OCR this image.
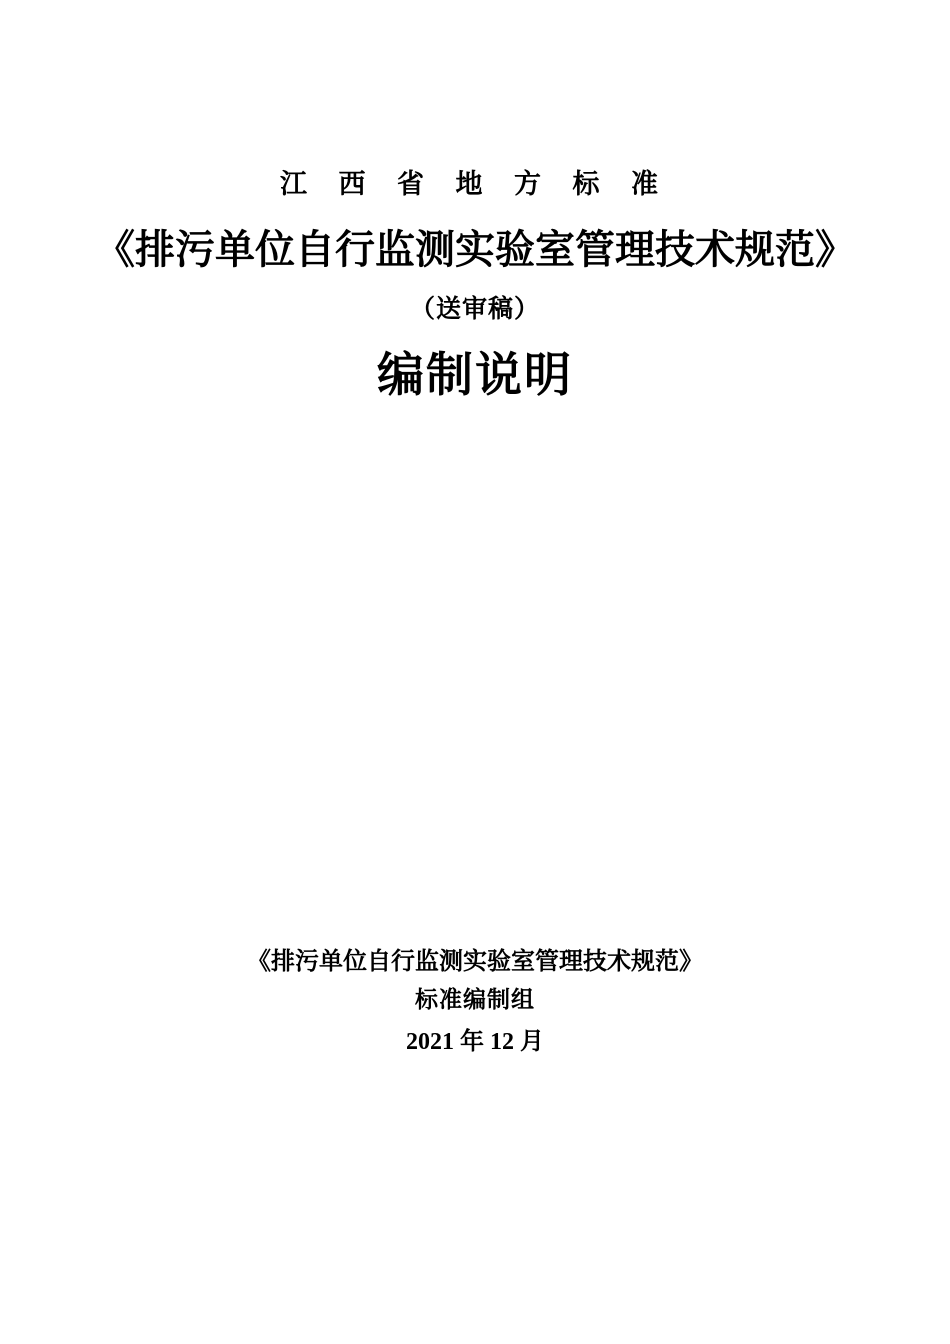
江 西 省 地 方 标 准
《排污单位自行监测实验室管理技术规范》
（送审稿）
编制说明
《排污单位自行监测实验室管理技术规范》
标准编制组
2021 年 12 月
